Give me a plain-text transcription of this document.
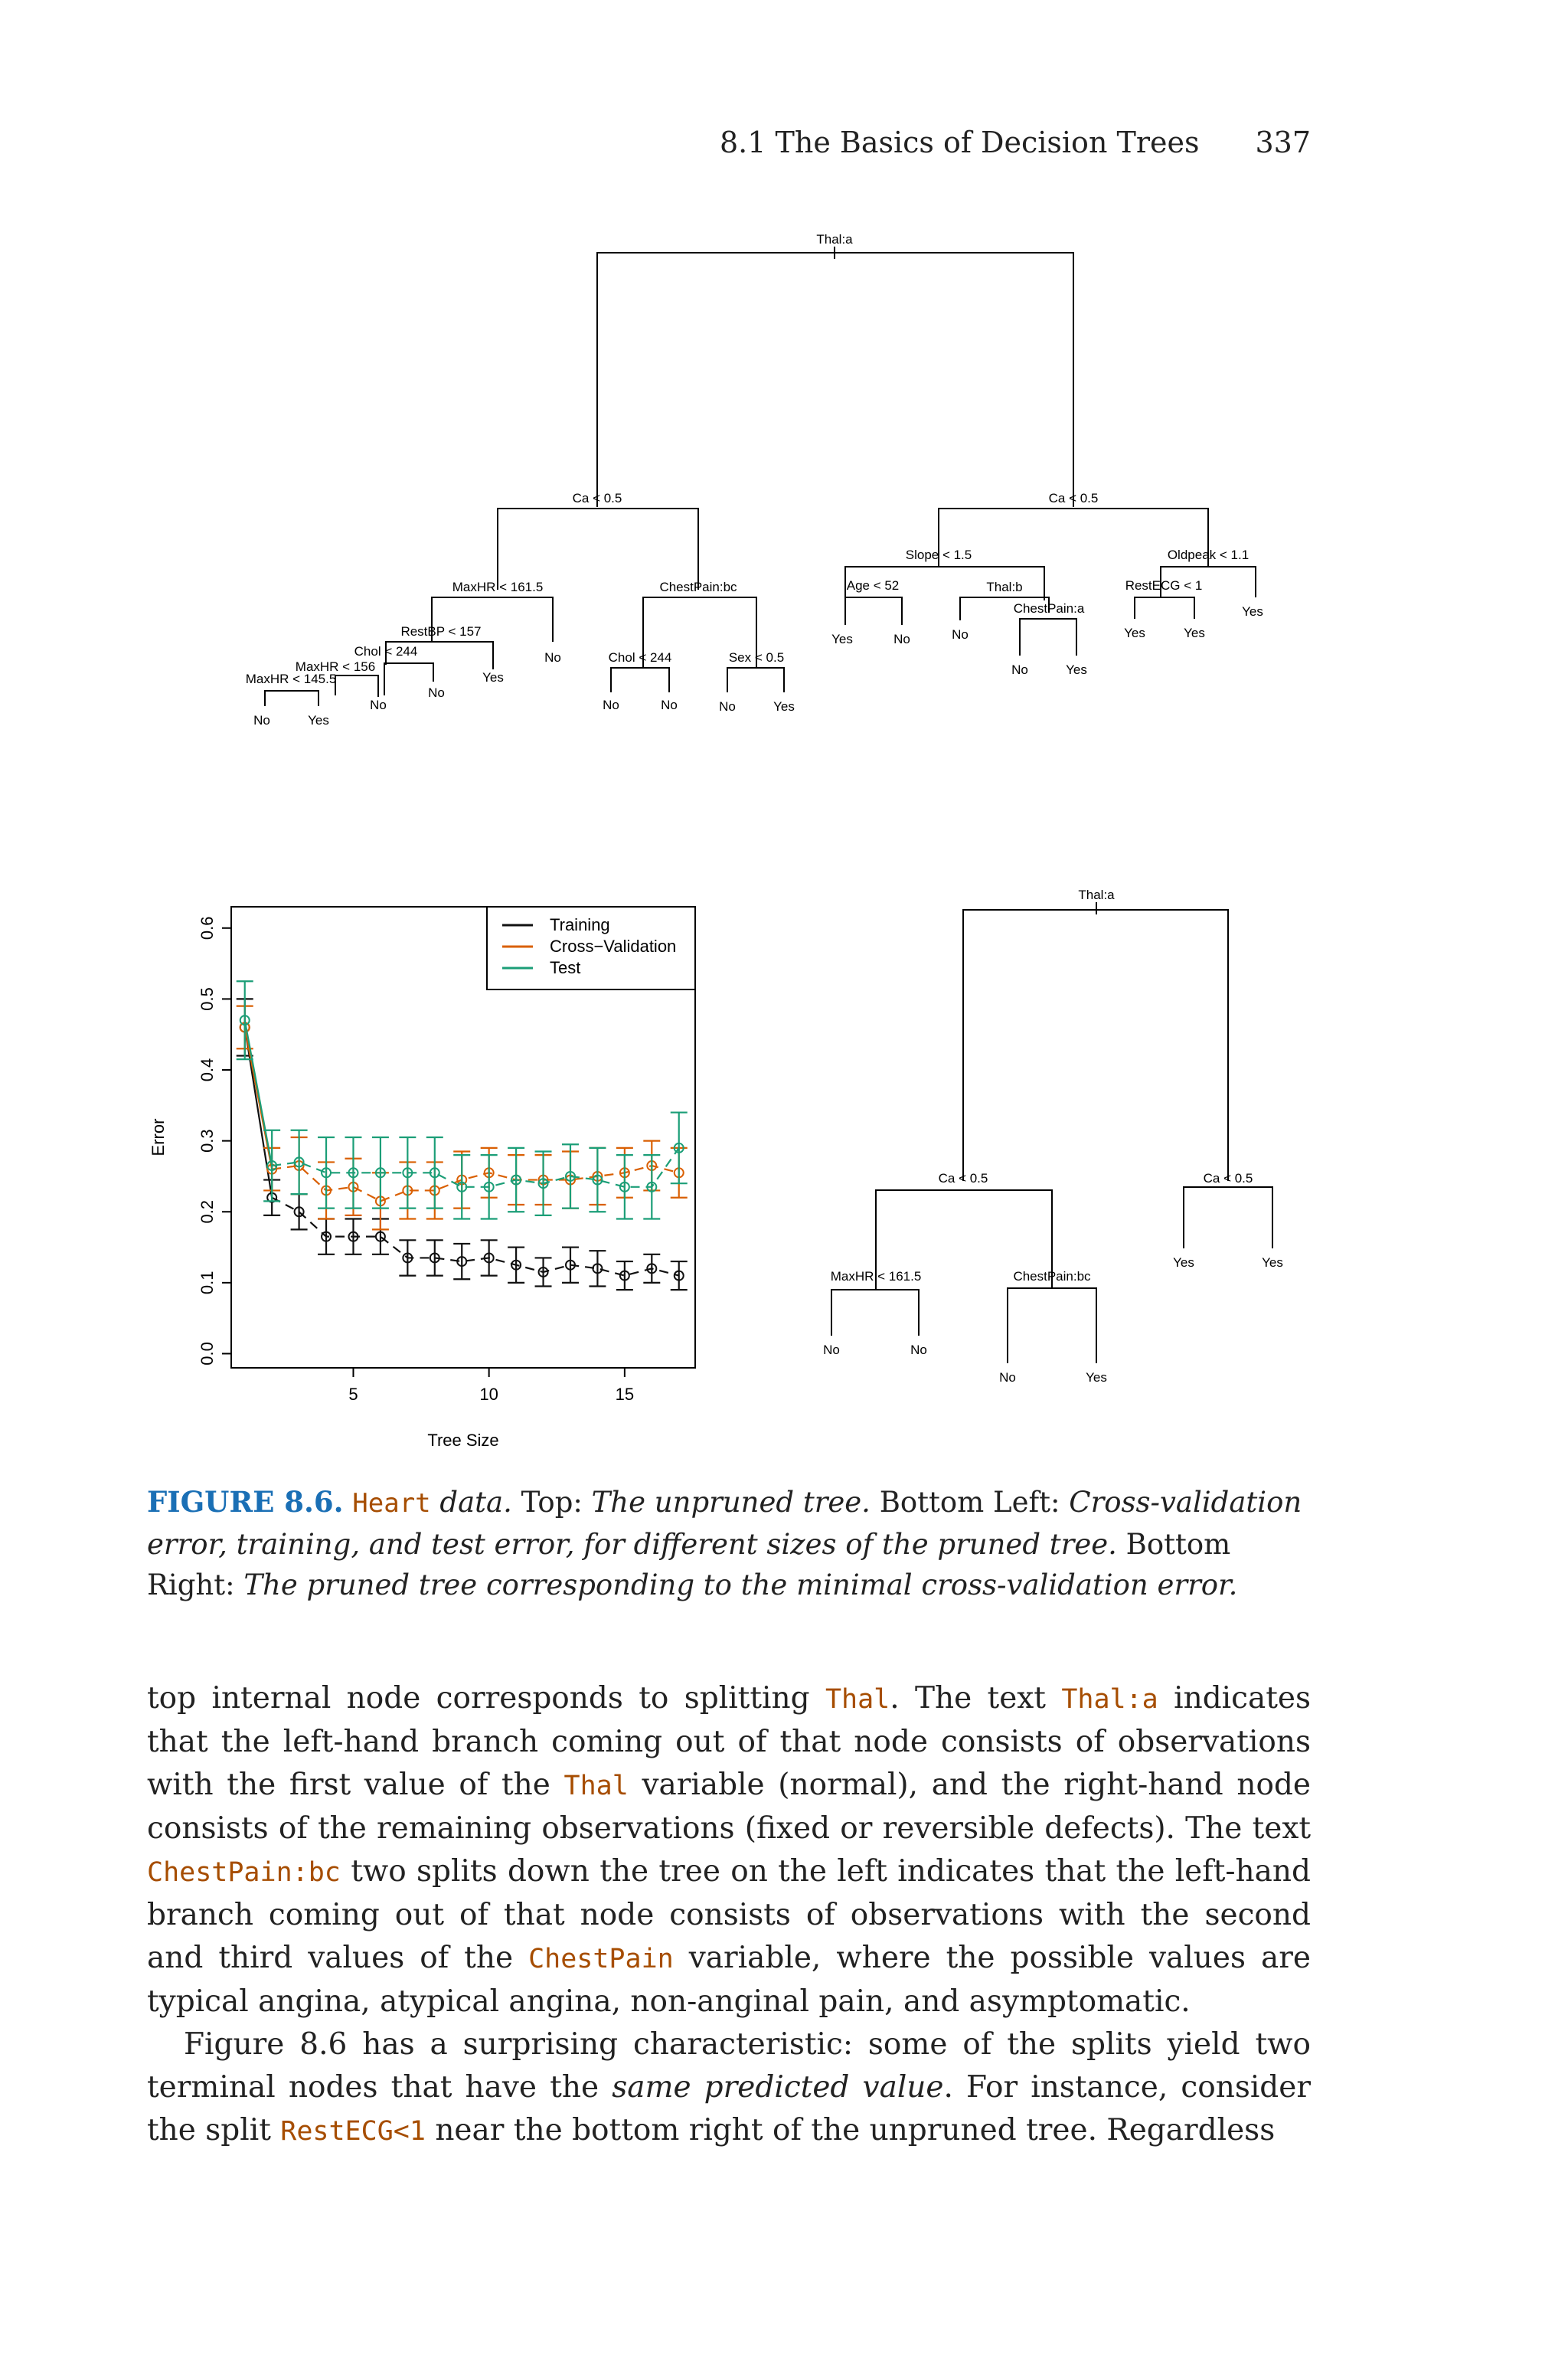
8.1 The Basics of Decision Trees 337
Thal:a
Ca < 0.5	Ca < 0.5
MaxHR < 161.5	ChestPain:bc
Slope < 1.5	Oldpeak < 1.1
RestBP < 157
Chol < 244
MaxHR < 156
MaxHR < 145.5
Chol < 244	Sex < 0.5
Age < 52	Thal:b
ChestPain:a
RestECG < 1
No	Yes
No
No
Yes
No
No	No	No	Yes
Yes	No	No
No	Yes
Yes	Yes
Yes
0.0
0.1
0.2
0.3
0.4
0.5
0.6
5	10	15
Tree Size
Error
Training
Cross−Validation
Test
Thal:a
Ca < 0.5	Ca < 0.5
MaxHR < 161.5	ChestPain:bc
No	No
No	Yes
Yes	Yes
FIGURE 8.6. Heart data. Top: The unpruned tree. Bottom Left: Cross-validation error, training, and test error, for different sizes of the pruned tree. Bottom Right: The pruned tree corresponding to the minimal cross-validation error.

top internal node corresponds to splitting Thal. The text Thal:a indicates that the left-hand branch coming out of that node consists of observations with the first value of the Thal variable (normal), and the right-hand node consists of the remaining observations (fixed or reversible defects). The text ChestPain:bc two splits down the tree on the left indicates that the left-hand branch coming out of that node consists of observations with the second and third values of the ChestPain variable, where the possible values are typical angina, atypical angina, non-anginal pain, and asymptomatic.

Figure 8.6 has a surprising characteristic: some of the splits yield two terminal nodes that have the same predicted value. For instance, consider the split RestECG<1 near the bottom right of the unpruned tree. Regardless
